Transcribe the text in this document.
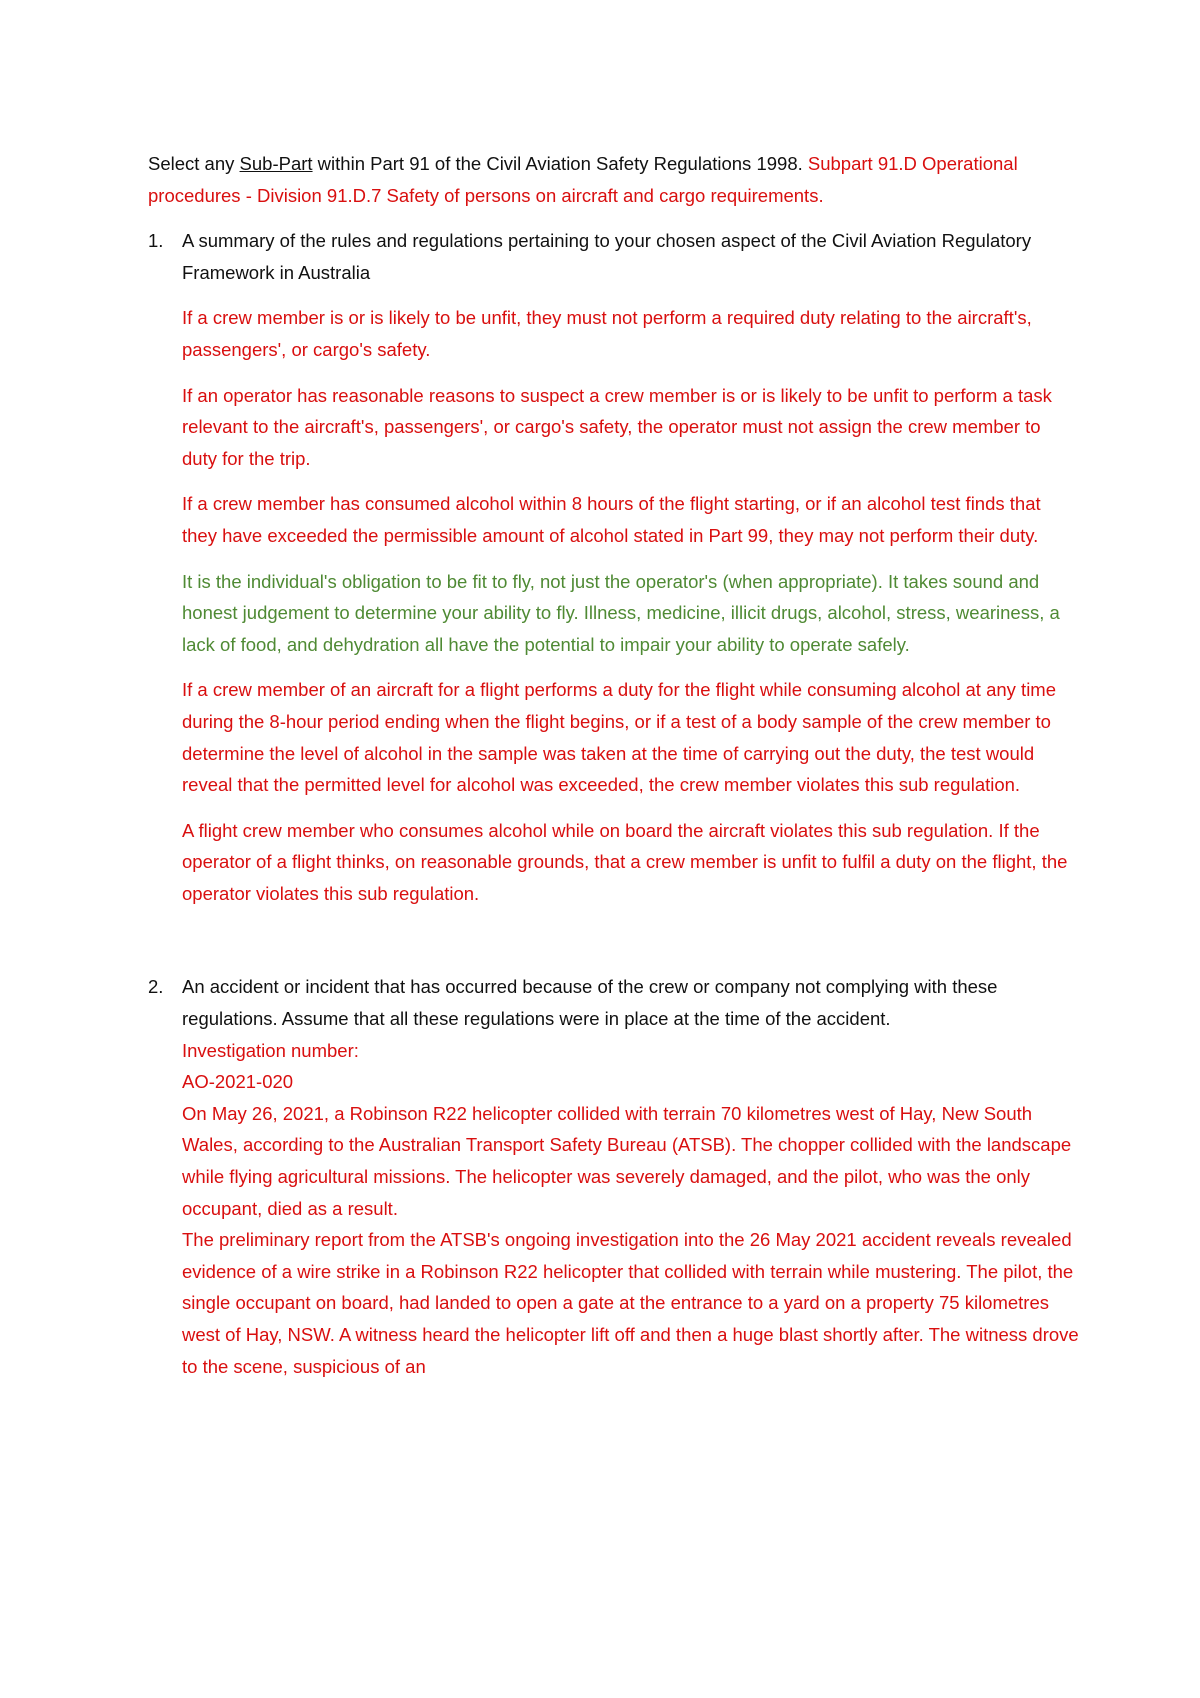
Select any Sub-Part within Part 91 of the Civil Aviation Safety Regulations 1998. Subpart 91.D Operational procedures - Division 91.D.7 Safety of persons on aircraft and cargo requirements.

1.	A summary of the rules and regulations pertaining to your chosen aspect of the Civil Aviation Regulatory Framework in Australia

If a crew member is or is likely to be unfit, they must not perform a required duty relating to the aircraft's, passengers', or cargo's safety.

If an operator has reasonable reasons to suspect a crew member is or is likely to be unfit to perform a task relevant to the aircraft's, passengers', or cargo's safety, the operator must not assign the crew member to duty for the trip.

If a crew member has consumed alcohol within 8 hours of the flight starting, or if an alcohol test finds that they have exceeded the permissible amount of alcohol stated in Part 99, they may not perform their duty.

It is the individual's obligation to be fit to fly, not just the operator's (when appropriate). It takes sound and honest judgement to determine your ability to fly. Illness, medicine, illicit drugs, alcohol, stress, weariness, a lack of food, and dehydration all have the potential to impair your ability to operate safely.

If a crew member of an aircraft for a flight performs a duty for the flight while consuming alcohol at any time during the 8-hour period ending when the flight begins, or if a test of a body sample of the crew member to determine the level of alcohol in the sample was taken at the time of carrying out the duty, the test would reveal that the permitted level for alcohol was exceeded, the crew member violates this sub regulation.

A flight crew member who consumes alcohol while on board the aircraft violates this sub regulation. If the operator of a flight thinks, on reasonable grounds, that a crew member is unfit to fulfil a duty on the flight, the operator violates this sub regulation.

2.	An accident or incident that has occurred because of the crew or company not complying with these regulations. Assume that all these regulations were in place at the time of the accident.

Investigation number:

AO-2021-020

On May 26, 2021, a Robinson R22 helicopter collided with terrain 70 kilometres west of Hay, New South Wales, according to the Australian Transport Safety Bureau (ATSB). The chopper collided with the landscape while flying agricultural missions. The helicopter was severely damaged, and the pilot, who was the only occupant, died as a result.

The preliminary report from the ATSB's ongoing investigation into the 26 May 2021 accident reveals revealed evidence of a wire strike in a Robinson R22 helicopter that collided with terrain while mustering. The pilot, the single occupant on board, had landed to open a gate at the entrance to a yard on a property 75 kilometres west of Hay, NSW. A witness heard the helicopter lift off and then a huge blast shortly after. The witness drove to the scene, suspicious of an
